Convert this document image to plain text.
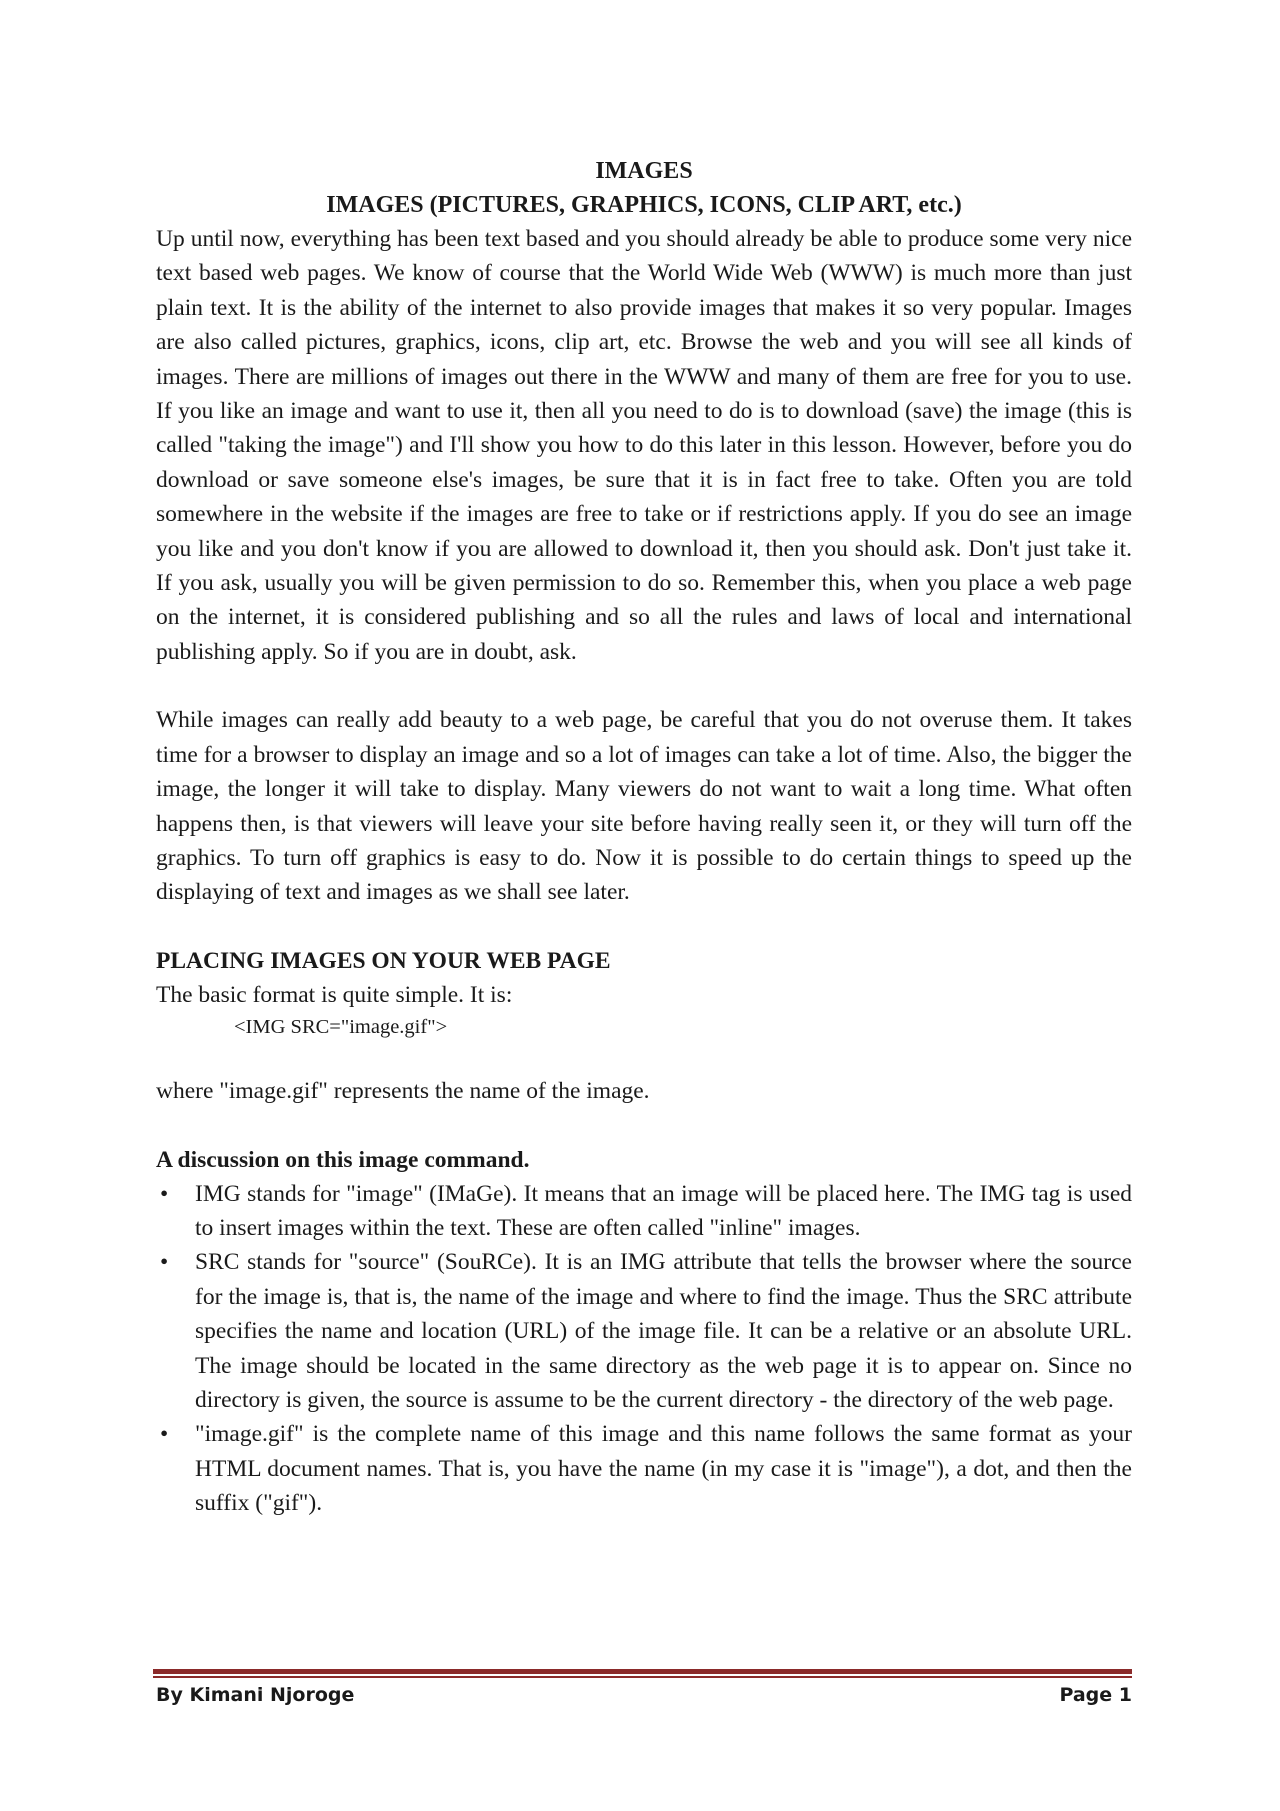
IMAGES
IMAGES (PICTURES, GRAPHICS, ICONS, CLIP ART, etc.)

Up until now, everything has been text based and you should already be able to produce some very nice text based web pages. We know of course that the World Wide Web (WWW) is much more than just plain text. It is the ability of the internet to also provide images that makes it so very popular. Images are also called pictures, graphics, icons, clip art, etc. Browse the web and you will see all kinds of images. There are millions of images out there in the WWW and many of them are free for you to use. If you like an image and want to use it, then all you need to do is to download (save) the image (this is called "taking the image") and I'll show you how to do this later in this lesson. However, before you do download or save someone else's images, be sure that it is in fact free to take. Often you are told somewhere in the website if the images are free to take or if restrictions apply. If you do see an image you like and you don't know if you are allowed to download it, then you should ask. Don't just take it. If you ask, usually you will be given permission to do so. Remember this, when you place a web page on the internet, it is considered publishing and so all the rules and laws of local and international publishing apply. So if you are in doubt, ask.

While images can really add beauty to a web page, be careful that you do not overuse them. It takes time for a browser to display an image and so a lot of images can take a lot of time. Also, the bigger the image, the longer it will take to display. Many viewers do not want to wait a long time. What often happens then, is that viewers will leave your site before having really seen it, or they will turn off the graphics. To turn off graphics is easy to do. Now it is possible to do certain things to speed up the displaying of text and images as we shall see later.

PLACING IMAGES ON YOUR WEB PAGE

The basic format is quite simple. It is:

<IMG SRC="image.gif">

where "image.gif" represents the name of the image.

A discussion on this image command.
• IMG stands for "image" (IMaGe). It means that an image will be placed here. The IMG tag is used to insert images within the text. These are often called "inline" images.
• SRC stands for "source" (SouRCe). It is an IMG attribute that tells the browser where the source for the image is, that is, the name of the image and where to find the image. Thus the SRC attribute specifies the name and location (URL) of the image file. It can be a relative or an absolute URL. The image should be located in the same directory as the web page it is to appear on. Since no directory is given, the source is assume to be the current directory - the directory of the web page.
• "image.gif" is the complete name of this image and this name follows the same format as your HTML document names. That is, you have the name (in my case it is "image"), a dot, and then the suffix ("gif").
By Kimani Njoroge	Page 1
